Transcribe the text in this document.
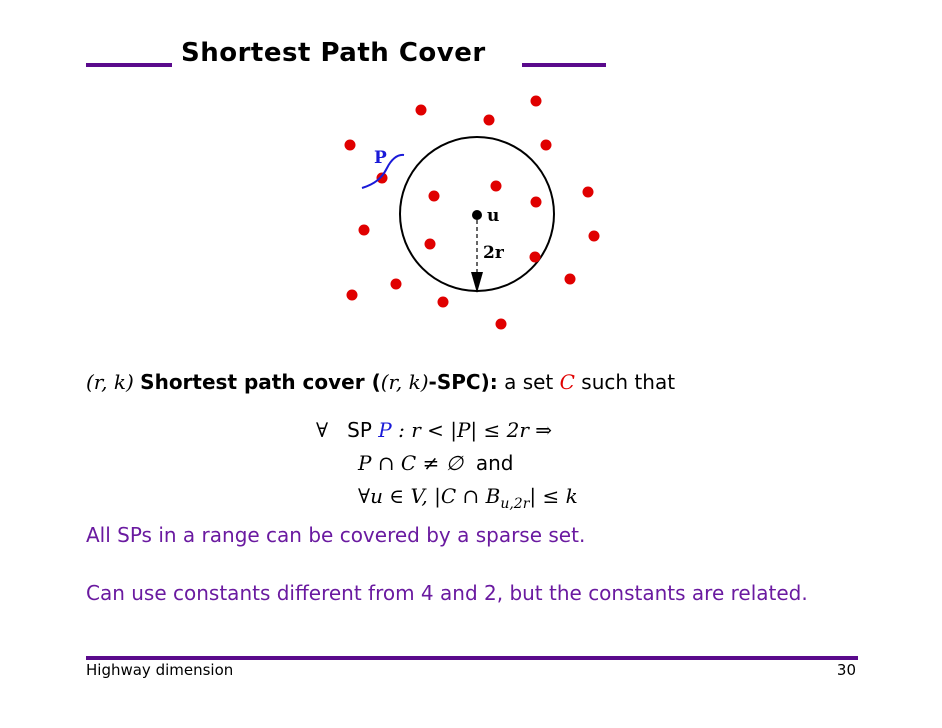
Shortest Path Cover
P
u
2r
(r, k) Shortest path cover ((r, k)-SPC): a set C such that
∀ SP P : r < |P| ≤ 2r ⇒
P ∩ C ≠ ∅ and
∀u ∈ V, |C ∩ $B_{u,2r}| \le k$
All SPs in a range can be covered by a sparse set.
Can use constants different from 4 and 2, but the constants are related.
Highway dimension	30
